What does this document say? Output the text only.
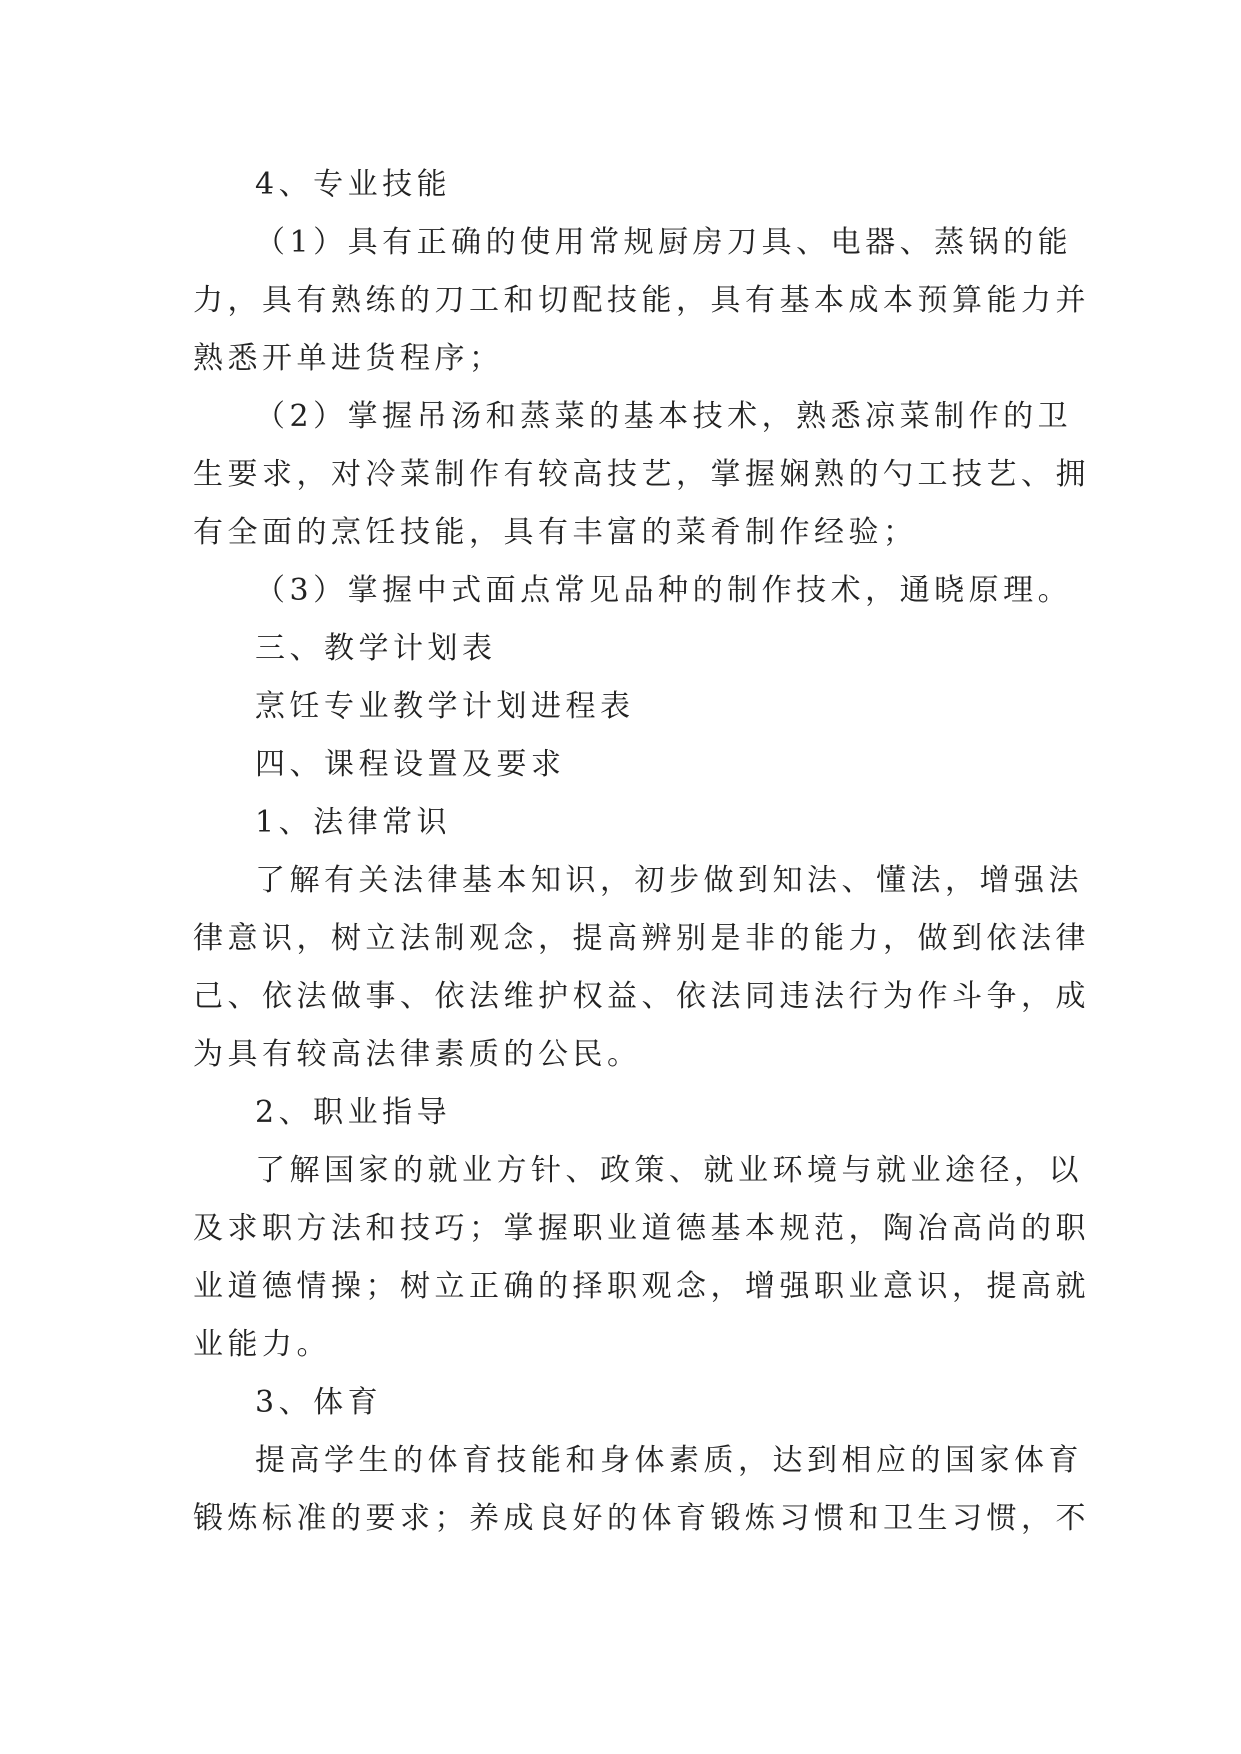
4、专业技能
（1）具有正确的使用常规厨房刀具、电器、蒸锅的能
力，具有熟练的刀工和切配技能，具有基本成本预算能力并
熟悉开单进货程序；
（2）掌握吊汤和蒸菜的基本技术，熟悉凉菜制作的卫
生要求，对冷菜制作有较高技艺，掌握娴熟的勺工技艺、拥
有全面的烹饪技能，具有丰富的菜肴制作经验；
（3）掌握中式面点常见品种的制作技术，通晓原理。
三、教学计划表
烹饪专业教学计划进程表
四、课程设置及要求
1、法律常识
了解有关法律基本知识，初步做到知法、懂法，增强法
律意识，树立法制观念，提高辨别是非的能力，做到依法律
己、依法做事、依法维护权益、依法同违法行为作斗争，成
为具有较高法律素质的公民。
2、职业指导
了解国家的就业方针、政策、就业环境与就业途径，以
及求职方法和技巧；掌握职业道德基本规范，陶冶高尚的职
业道德情操；树立正确的择职观念，增强职业意识，提高就
业能力。
3、体育
提高学生的体育技能和身体素质，达到相应的国家体育
锻炼标准的要求；养成良好的体育锻炼习惯和卫生习惯，不
